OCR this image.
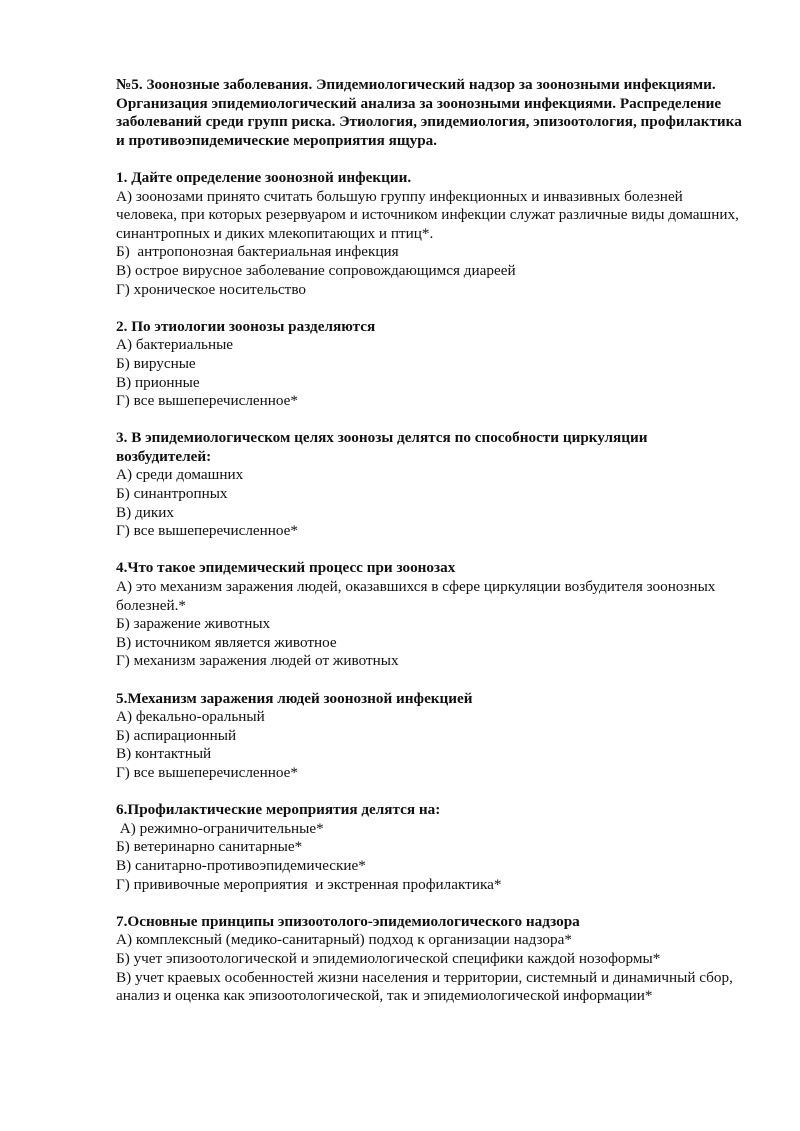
№5. Зоонозные заболевания. Эпидемиологический надзор за зоонозными инфекциями. Организация эпидемиологический анализа за зоонозными инфекциями. Распределение заболеваний среди групп риска. Этиология, эпидемиология, эпизоотология, профилактика и противоэпидемические мероприятия ящура.

1. Дайте определение зоонозной инфекции.
А) зоонозами принято считать большую группу инфекционных и инвазивных болезней человека, при которых резервуаром и источником инфекции служат различные виды домашних, синантропных и диких млекопитающих и птиц*.
Б)  антропонозная бактериальная инфекция
В) острое вирусное заболевание сопровождающимся диареей
Г) хроническое носительство
2. По этиологии зоонозы разделяются
А) бактериальные
Б) вирусные
В) прионные
Г) все вышеперечисленное*
3. В эпидемиологическом целях зоонозы делятся по способности циркуляции возбудителей:
А) среди домашних
Б) синантропных
В) диких
Г) все вышеперечисленное*
4.Что такое эпидемический процесс при зоонозах
А) это механизм заражения людей, оказавшихся в сфере циркуляции возбудителя зоонозных болезней.*
Б) заражение животных
В) источником является животное
Г) механизм заражения людей от животных
5.Механизм заражения людей зоонозной инфекцией
А) фекально-оральный
Б) аспирационный
В) контактный
Г) все вышеперечисленное*
6.Профилактические мероприятия делятся на:
А) режимно-ограничительные*
Б) ветеринарно санитарные*
В) санитарно-противоэпидемические*
Г) прививочные мероприятия  и экстренная профилактика*
7.Основные принципы эпизоотолого-эпидемиологического надзора
А) комплексный (медико-санитарный) подход к организации надзора*
Б) учет эпизоотологической и эпидемиологической специфики каждой нозоформы*
В) учет краевых особенностей жизни населения и территории, системный и динамичный сбор, анализ и оценка как эпизоотологической, так и эпидемиологической информации*
